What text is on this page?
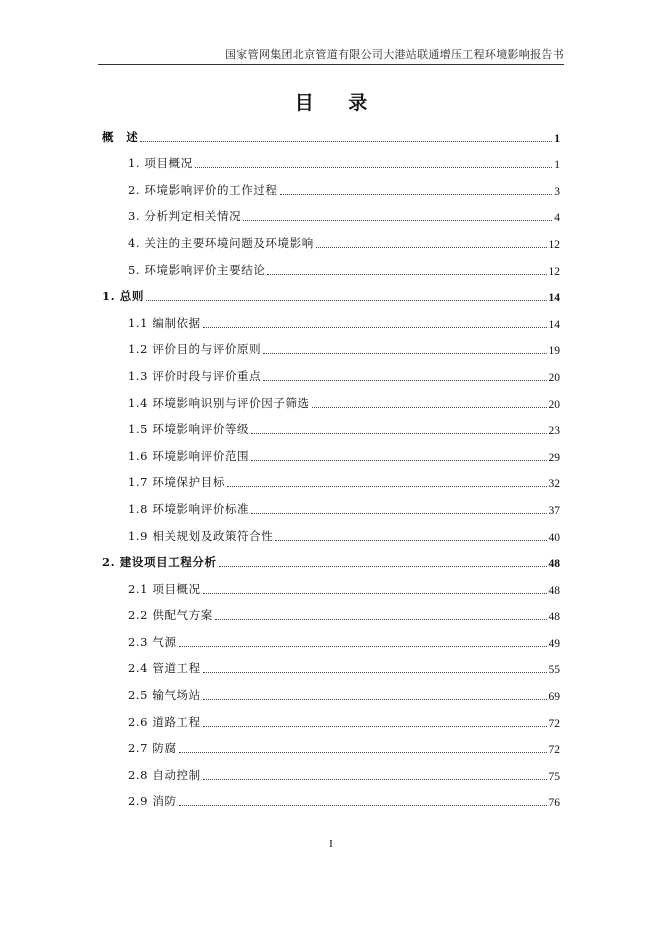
国家管网集团北京管道有限公司大港站联通增压工程环境影响报告书
目 录
概　述	1
1. 项目概况	1
2. 环境影响评价的工作过程	3
3. 分析判定相关情况	4
4. 关注的主要环境问题及环境影响	12
5. 环境影响评价主要结论	12
1. 总则	14
1.1 编制依据	14
1.2 评价目的与评价原则	19
1.3 评价时段与评价重点	20
1.4 环境影响识别与评价因子筛选	20
1.5 环境影响评价等级	23
1.6 环境影响评价范围	29
1.7 环境保护目标	32
1.8 环境影响评价标准	37
1.9 相关规划及政策符合性	40
2. 建设项目工程分析	48
2.1 项目概况	48
2.2 供配气方案	48
2.3 气源	49
2.4 管道工程	55
2.5 输气场站	69
2.6 道路工程	72
2.7 防腐	72
2.8 自动控制	75
2.9 消防	76
I
